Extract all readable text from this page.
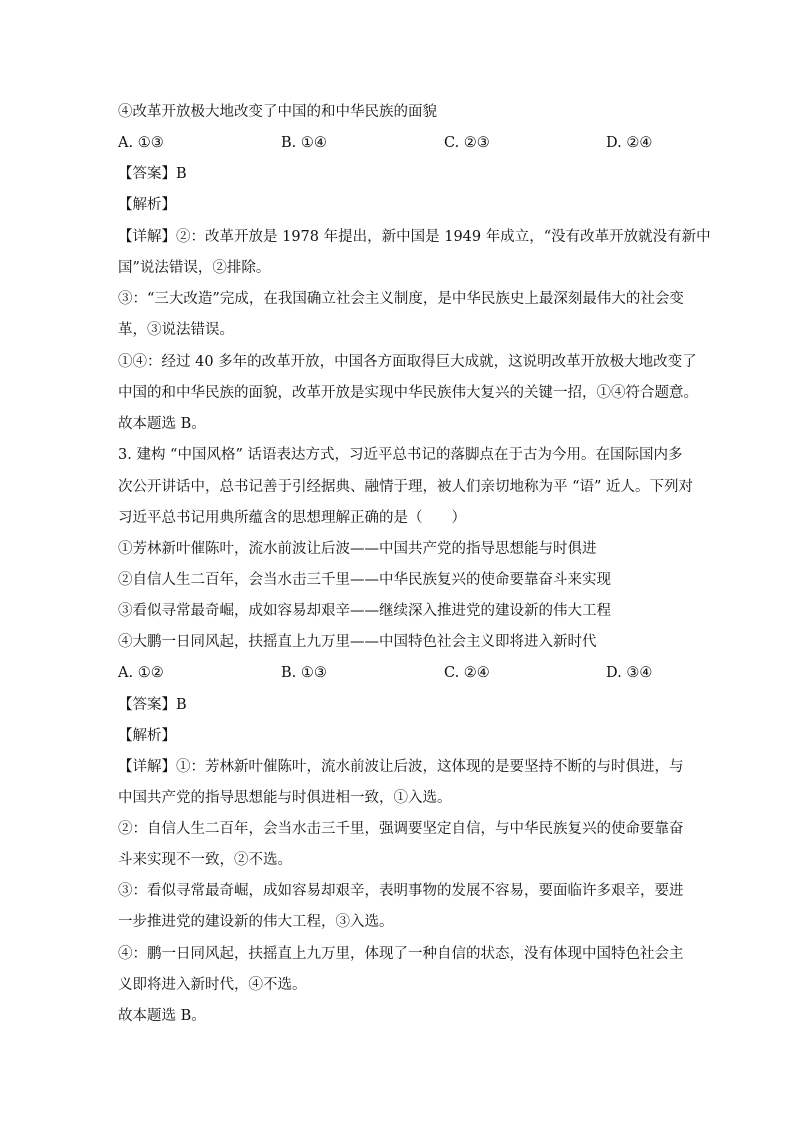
④改革开放极大地改变了中国的和中华民族的面貌
A. ①③	B. ①④	C. ②③	D. ②④
【答案】B
【解析】
【详解】②：改革开放是 1978 年提出，新中国是 1949 年成立，“没有改革开放就没有新中
国”说法错误，②排除。
③：“三大改造”完成，在我国确立社会主义制度，是中华民族史上最深刻最伟大的社会变
革，③说法错误。
①④：经过 40 多年的改革开放，中国各方面取得巨大成就，这说明改革开放极大地改变了
中国的和中华民族的面貌，改革开放是实现中华民族伟大复兴的关键一招，①④符合题意。
故本题选 B。
3. 建构 “中国风格” 话语表达方式，习近平总书记的落脚点在于古为今用。在国际国内多
次公开讲话中，总书记善于引经据典、融情于理，被人们亲切地称为平 “语” 近人。下列对
习近平总书记用典所蕴含的思想理解正确的是（　　）
①芳林新叶催陈叶，流水前波让后波——中国共产党的指导思想能与时俱进
②自信人生二百年，会当水击三千里——中华民族复兴的使命要靠奋斗来实现
③看似寻常最奇崛，成如容易却艰辛——继续深入推进党的建设新的伟大工程
④大鹏一日同风起，扶摇直上九万里——中国特色社会主义即将进入新时代
A. ①②	B. ①③	C. ②④	D. ③④
【答案】B
【解析】
【详解】①：芳林新叶催陈叶，流水前波让后波，这体现的是要坚持不断的与时俱进，与
中国共产党的指导思想能与时俱进相一致，①入选。
②：自信人生二百年，会当水击三千里，强调要坚定自信，与中华民族复兴的使命要靠奋
斗来实现不一致，②不选。
③：看似寻常最奇崛，成如容易却艰辛，表明事物的发展不容易，要面临许多艰辛，要进
一步推进党的建设新的伟大工程，③入选。
④：鹏一日同风起，扶摇直上九万里，体现了一种自信的状态，没有体现中国特色社会主
义即将进入新时代，④不选。
故本题选 B。
